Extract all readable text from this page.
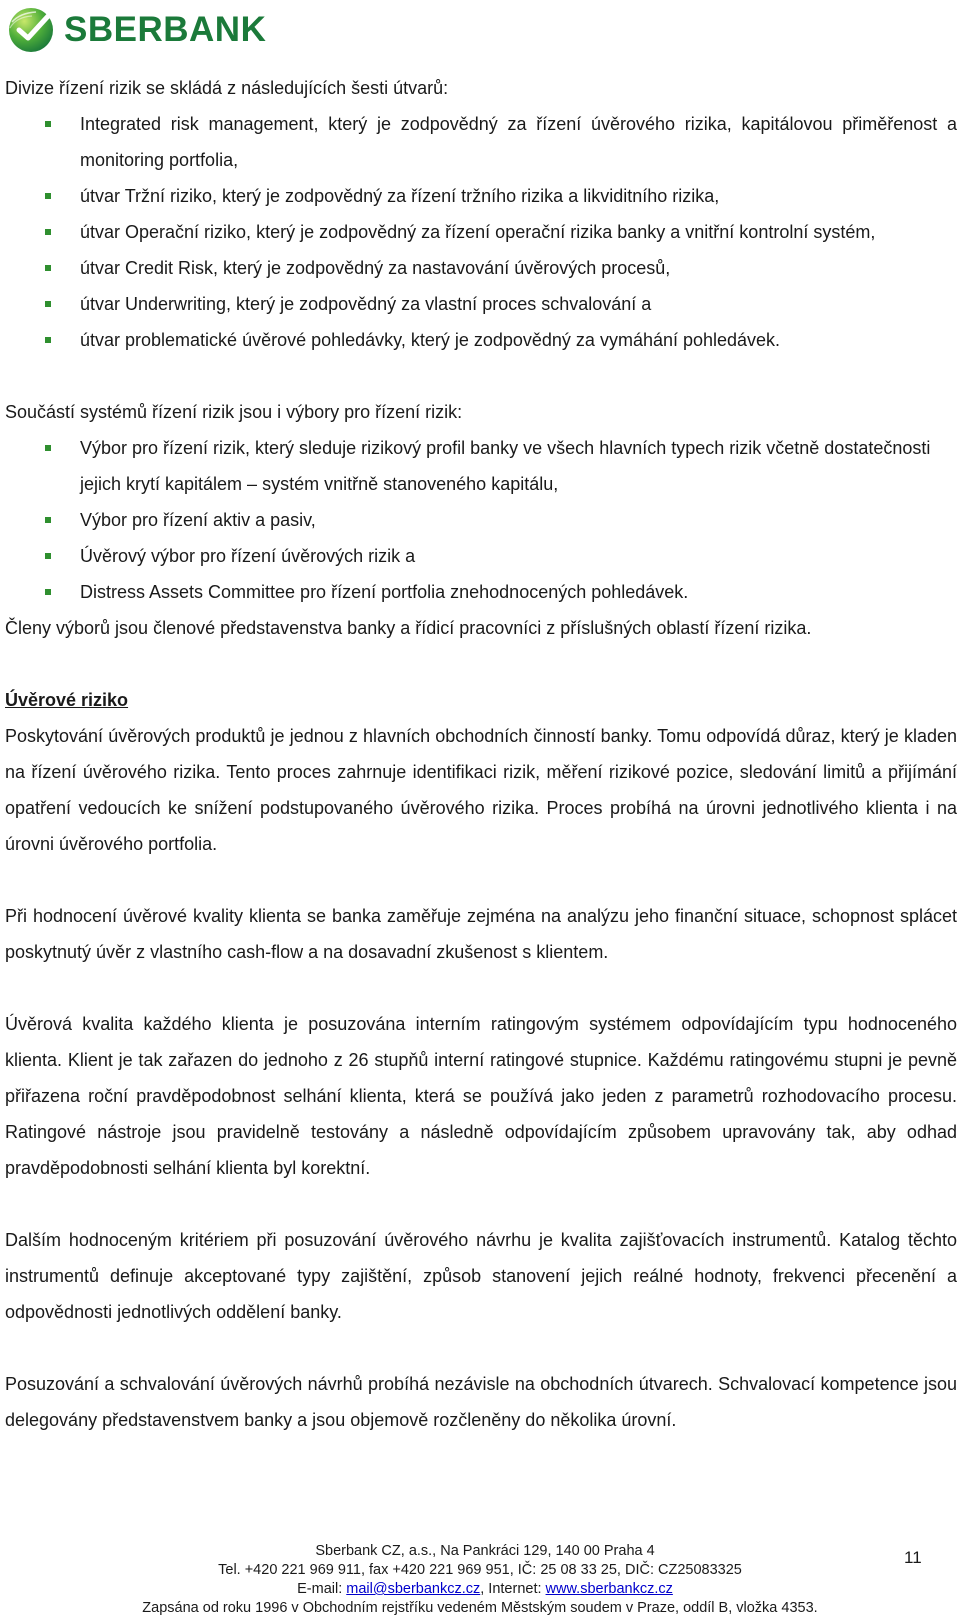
SBERBANK

Divize řízení rizik se skládá z následujících šesti útvarů:

Integrated risk management, který je zodpovědný za řízení úvěrového rizika, kapitálovou přiměřenost a monitoring portfolia,
útvar Tržní riziko, který je zodpovědný za řízení tržního rizika a likviditního rizika,
útvar Operační riziko, který je zodpovědný za řízení operační rizika banky a vnitřní kontrolní systém,
útvar Credit Risk, který je zodpovědný za nastavování úvěrových procesů,
útvar Underwriting, který je zodpovědný za vlastní proces schvalování a
útvar problematické úvěrové pohledávky, který je zodpovědný za vymáhání pohledávek.

Součástí systémů řízení rizik jsou i výbory pro řízení rizik:

Výbor pro řízení rizik, který sleduje rizikový profil banky ve všech hlavních typech rizik včetně dostatečnosti jejich krytí kapitálem – systém vnitřně stanoveného kapitálu,
Výbor pro řízení aktiv a pasiv,
Úvěrový výbor pro řízení úvěrových rizik a
Distress Assets Committee pro řízení portfolia znehodnocených pohledávek.

Členy výborů jsou členové představenstva banky a řídicí pracovníci z příslušných oblastí řízení rizika.

Úvěrové riziko

Poskytování úvěrových produktů je jednou z hlavních obchodních činností banky. Tomu odpovídá důraz, který je kladen na řízení úvěrového rizika. Tento proces zahrnuje identifikaci rizik, měření rizikové pozice, sledování limitů a přijímání opatření vedoucích ke snížení podstupovaného úvěrového rizika. Proces probíhá na úrovni jednotlivého klienta i na úrovni úvěrového portfolia.

Při hodnocení úvěrové kvality klienta se banka zaměřuje zejména na analýzu jeho finanční situace, schopnost splácet poskytnutý úvěr z vlastního cash-flow a na dosavadní zkušenost s klientem.

Úvěrová kvalita každého klienta je posuzována interním ratingovým systémem odpovídajícím typu hodnoceného klienta. Klient je tak zařazen do jednoho z 26 stupňů interní ratingové stupnice. Každému ratingovému stupni je pevně přiřazena roční pravděpodobnost selhání klienta, která se používá jako jeden z parametrů rozhodovacího procesu. Ratingové nástroje jsou pravidelně testovány a následně odpovídajícím způsobem upravovány tak, aby odhad pravděpodobnosti selhání klienta byl korektní.

Dalším hodnoceným kritériem při posuzování úvěrového návrhu je kvalita zajišťovacích instrumentů. Katalog těchto instrumentů definuje akceptované typy zajištění, způsob stanovení jejich reálné hodnoty, frekvenci přecenění a odpovědnosti jednotlivých oddělení banky.

Posuzování a schvalování úvěrových návrhů probíhá nezávisle na obchodních útvarech. Schvalovací kompetence jsou delegovány představenstvem banky a jsou objemově rozčleněny do několika úrovní.

Sberbank CZ, a.s., Na Pankráci 129, 140 00 Praha 4
Tel. +420 221 969 911, fax +420 221 969 951, IČ: 25 08 33 25, DIČ: CZ25083325
E-mail: mail@sberbankcz.cz, Internet: www.sberbankcz.cz
Zapsána od roku 1996 v Obchodním rejstříku vedeném Městským soudem v Praze, oddíl B, vložka 4353.
11
